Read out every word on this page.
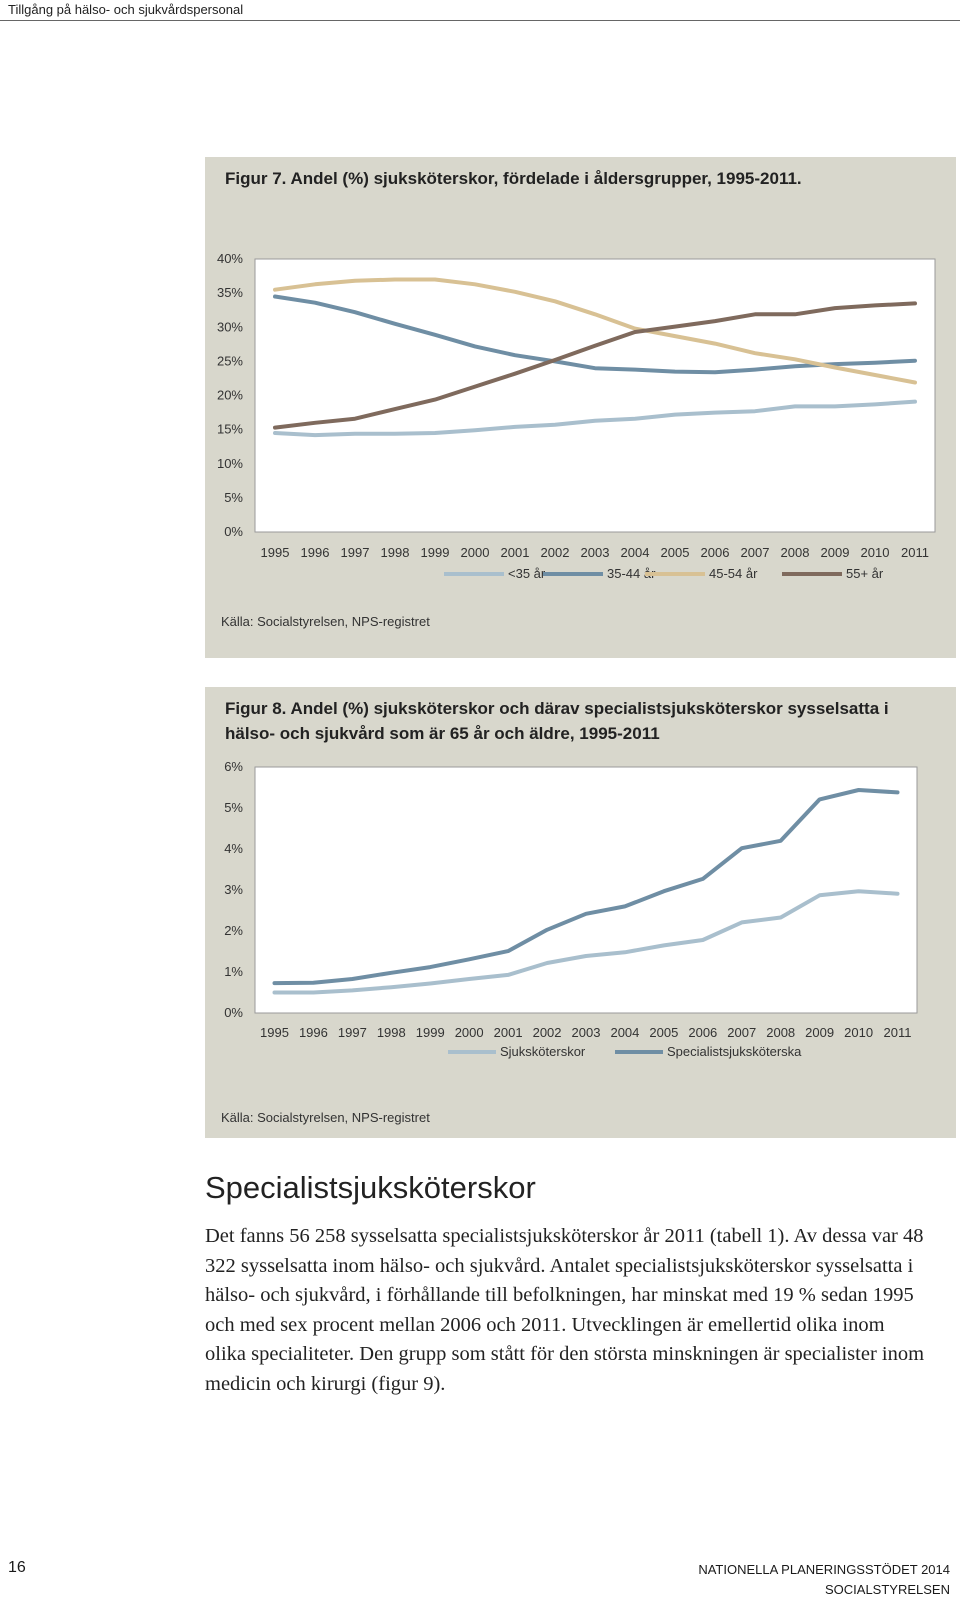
Tillgång på hälso- och sjukvårdspersonal
Figur 7. Andel (%) sjuksköterskor, fördelade i åldersgrupper, 1995-2011.
0%
5%
10%
15%
20%
25%
30%
35%
40%
1995 1996 1997 1998 1999 2000 2001 2002 2003 2004 2005 2006 2007 2008 2009 2010 2011
<35 år	35-44 år	45-54 år	55+ år
Källa: Socialstyrelsen, NPS-registret
Figur 8. Andel (%) sjuksköterskor och därav specialistsjuksköterskor sysselsatta i hälso- och sjukvård som är 65 år och äldre, 1995-2011
0%
1%
2%
3%
4%
5%
6%
1995 1996 1997 1998 1999 2000 2001 2002 2003 2004 2005 2006 2007 2008 2009 2010 2011
Sjuksköterskor	Specialistsjuksköterska
Källa: Socialstyrelsen, NPS-registret
Specialistsjuksköterskor
Det fanns 56 258 sysselsatta specialistsjuksköterskor år 2011 (tabell 1). Av dessa var 48 322 sysselsatta inom hälso- och sjukvård. Antalet specialistsjuksköterskor sysselsatta i hälso- och sjukvård, i förhållande till befolkningen, har minskat med 19 % sedan 1995 och med sex procent mellan 2006 och 2011. Utvecklingen är emellertid olika inom olika specialiteter. Den grupp som stått för den största minskningen är specialister inom medicin och kirurgi (figur 9).
16	NATIONELLA PLANERINGSSTÖDET 2014
SOCIALSTYRELSEN
